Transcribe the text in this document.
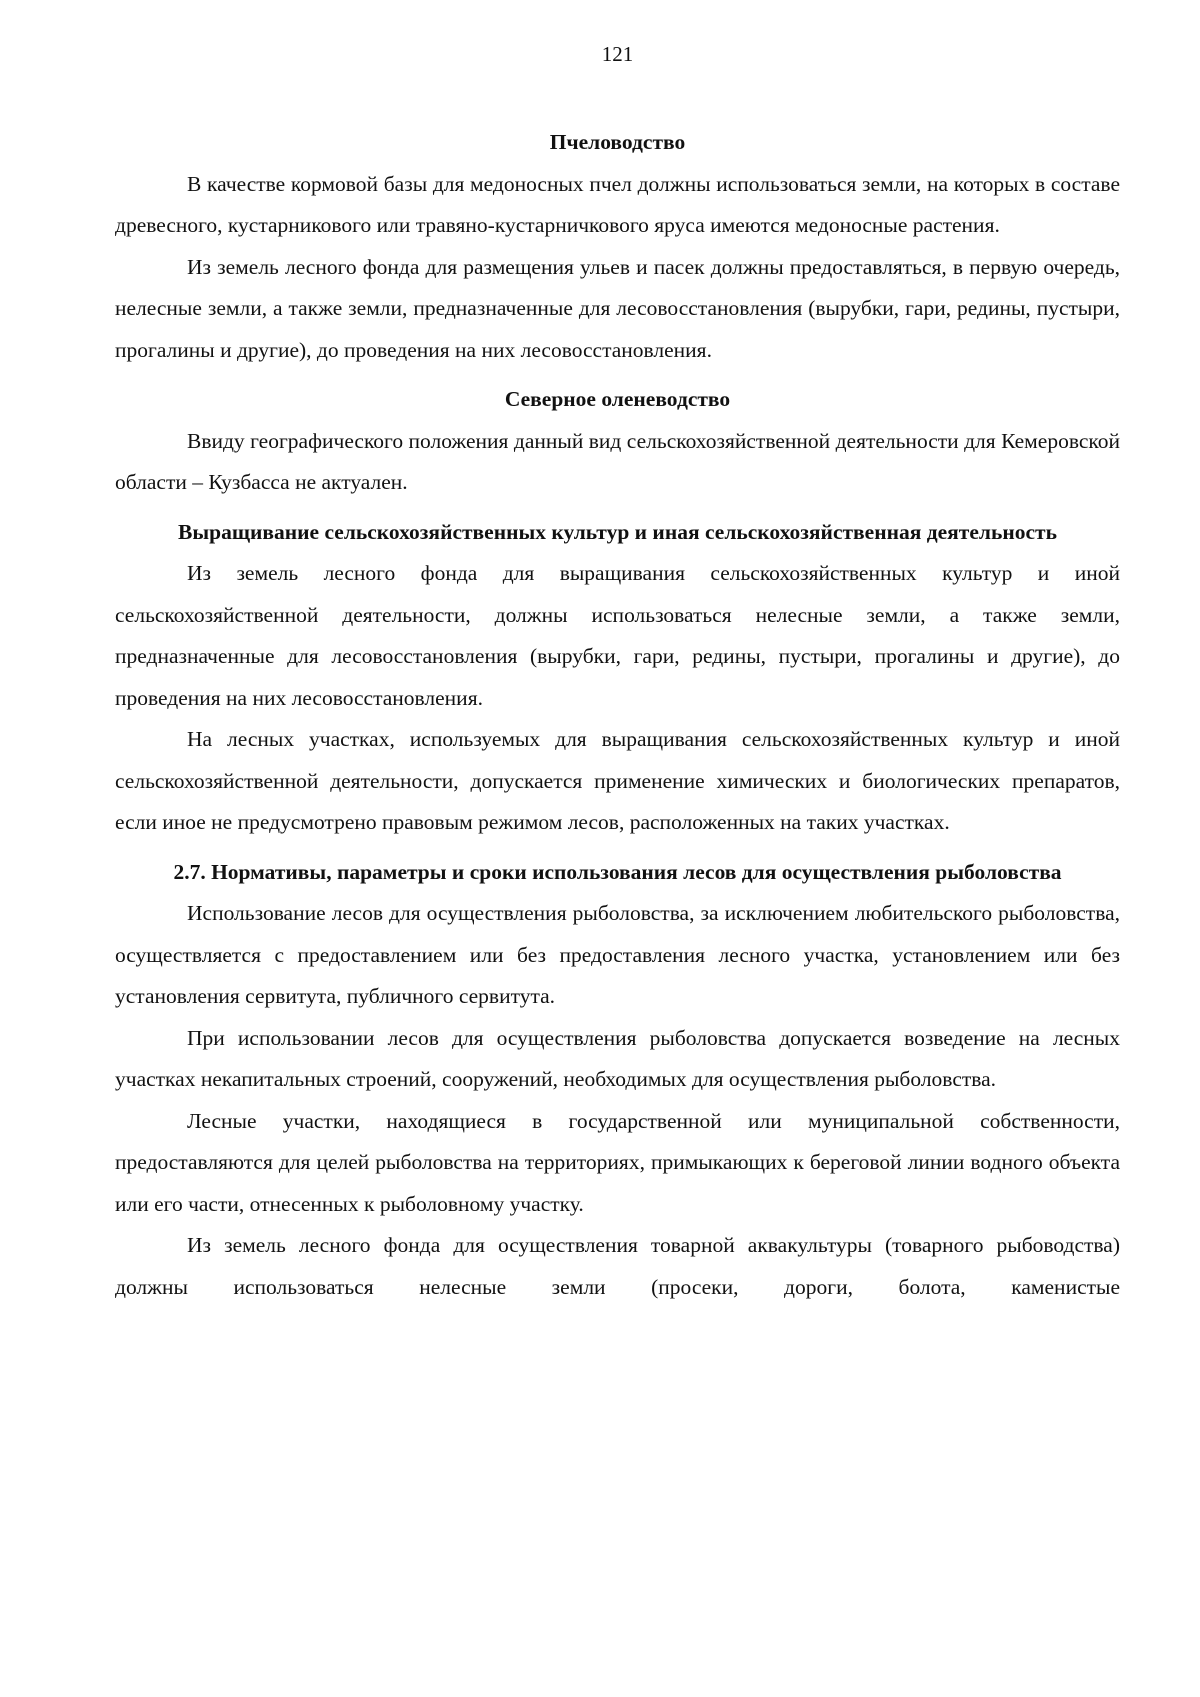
121
Пчеловодство

В качестве кормовой базы для медоносных пчел должны использоваться земли, на которых в составе древесного, кустарникового или травяно-кустарничкового яруса имеются медоносные растения.

Из земель лесного фонда для размещения ульев и пасек должны предоставляться, в первую очередь, нелесные земли, а также земли, предназначенные для лесовосстановления (вырубки, гари, редины, пустыри, прогалины и другие), до проведения на них лесовосстановления.

Северное оленеводство

Ввиду географического положения данный вид сельскохозяйственной деятельности для Кемеровской области – Кузбасса не актуален.

Выращивание сельскохозяйственных культур и иная сельскохозяйственная деятельность

Из земель лесного фонда для выращивания сельскохозяйственных культур и иной сельскохозяйственной деятельности, должны использоваться нелесные земли, а также земли, предназначенные для лесовосстановления (вырубки, гари, редины, пустыри, прогалины и другие), до проведения на них лесовосстановления.

На лесных участках, используемых для выращивания сельскохозяйственных культур и иной сельскохозяйственной деятельности, допускается применение химических и биологических препаратов, если иное не предусмотрено правовым режимом лесов, расположенных на таких участках.

2.7. Нормативы, параметры и сроки использования лесов для осуществления рыболовства

Использование лесов для осуществления рыболовства, за исключением любительского рыболовства, осуществляется с предоставлением или без предоставления лесного участка, установлением или без установления сервитута, публичного сервитута.

При использовании лесов для осуществления рыболовства допускается возведение на лесных участках некапитальных строений, сооружений, необходимых для осуществления рыболовства.

Лесные участки, находящиеся в государственной или муниципальной собственности, предоставляются для целей рыболовства на территориях, примыкающих к береговой линии водного объекта или его части, отнесенных к рыболовному участку.

Из земель лесного фонда для осуществления товарной аквакультуры (товарного рыбоводства) должны использоваться нелесные земли (просеки, дороги, болота, каменистые
